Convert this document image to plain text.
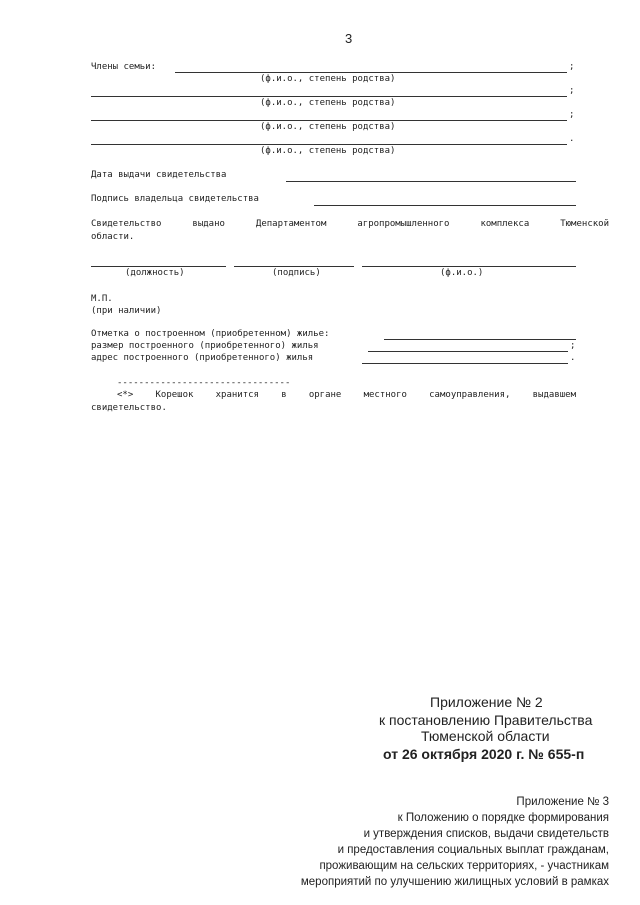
3
Члены семьи:	;
(ф.и.о., степень родства)
;
(ф.и.о., степень родства)
;
(ф.и.о., степень родства)
.
(ф.и.о., степень родства)
Дата выдачи свидетельства
Подпись владельца свидетельства
Свидетельство выдано Департаментом агропромышленного комплекса Тюменской
области.
(должность)	(подпись)	(ф.и.о.)
М.П.
(при наличии)
Отметка о построенном (приобретенном) жилье:
размер построенного (приобретенного) жилья	;
адрес построенного (приобретенного) жилья	.
--------------------------------
<*> Корешок хранится в органе местного самоуправления, выдавшем
свидетельство.
Приложение № 2
к постановлению Правительства
Тюменской области
от 26 октября 2020 г. № 655-п
Приложение № 3
к Положению о порядке формирования
и утверждения списков, выдачи свидетельств
и предоставления социальных выплат гражданам,
проживающим на сельских территориях, - участникам
мероприятий по улучшению жилищных условий в рамках
